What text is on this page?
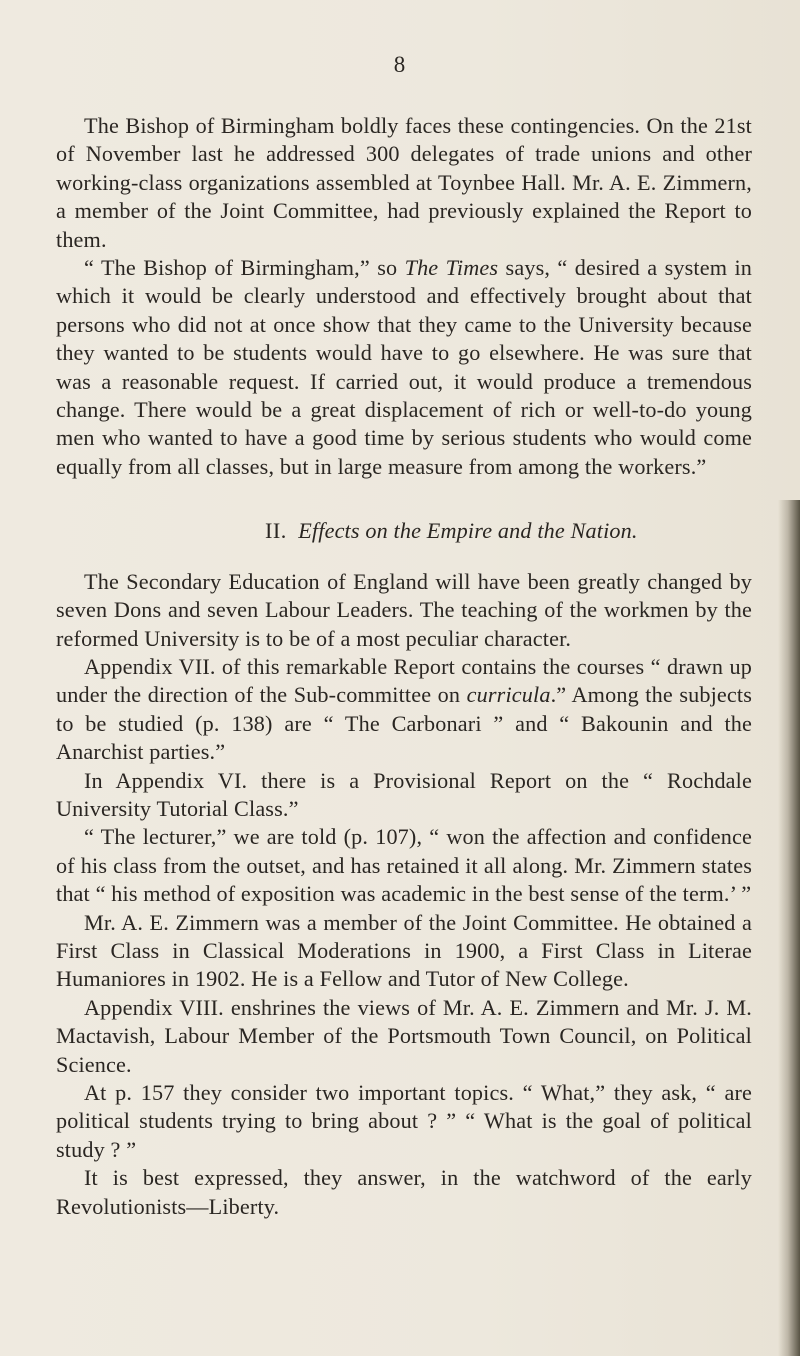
8

The Bishop of Birmingham boldly faces these contingencies. On the 21st of November last he addressed 300 delegates of trade unions and other working-class organizations assembled at Toynbee Hall. Mr. A. E. Zimmern, a member of the Joint Committee, had previously explained the Report to them.

“ The Bishop of Birmingham,” so The Times says, “ desired a system in which it would be clearly understood and effectively brought about that persons who did not at once show that they came to the University because they wanted to be students would have to go elsewhere. He was sure that was a reasonable request. If carried out, it would produce a tremendous change. There would be a great displacement of rich or well-to-do young men who wanted to have a good time by serious students who would come equally from all classes, but in large measure from among the workers.”

II. Effects on the Empire and the Nation.

The Secondary Education of England will have been greatly changed by seven Dons and seven Labour Leaders. The teaching of the workmen by the reformed University is to be of a most peculiar character.

Appendix VII. of this remarkable Report contains the courses “ drawn up under the direction of the Sub-committee on curricula.” Among the subjects to be studied (p. 138) are “ The Carbonari ” and “ Bakounin and the Anarchist parties.”

In Appendix VI. there is a Provisional Report on the “ Rochdale University Tutorial Class.”

“ The lecturer,” we are told (p. 107), “ won the affection and confidence of his class from the outset, and has retained it all along. Mr. Zimmern states that “ his method of exposition was academic in the best sense of the term.’ ”

Mr. A. E. Zimmern was a member of the Joint Committee. He obtained a First Class in Classical Moderations in 1900, a First Class in Literae Humaniores in 1902. He is a Fellow and Tutor of New College.

Appendix VIII. enshrines the views of Mr. A. E. Zimmern and Mr. J. M. Mactavish, Labour Member of the Portsmouth Town Council, on Political Science.

At p. 157 they consider two important topics. “ What,” they ask, “ are political students trying to bring about ? ” “ What is the goal of political study ? ”

It is best expressed, they answer, in the watchword of the early Revolutionists—Liberty.
